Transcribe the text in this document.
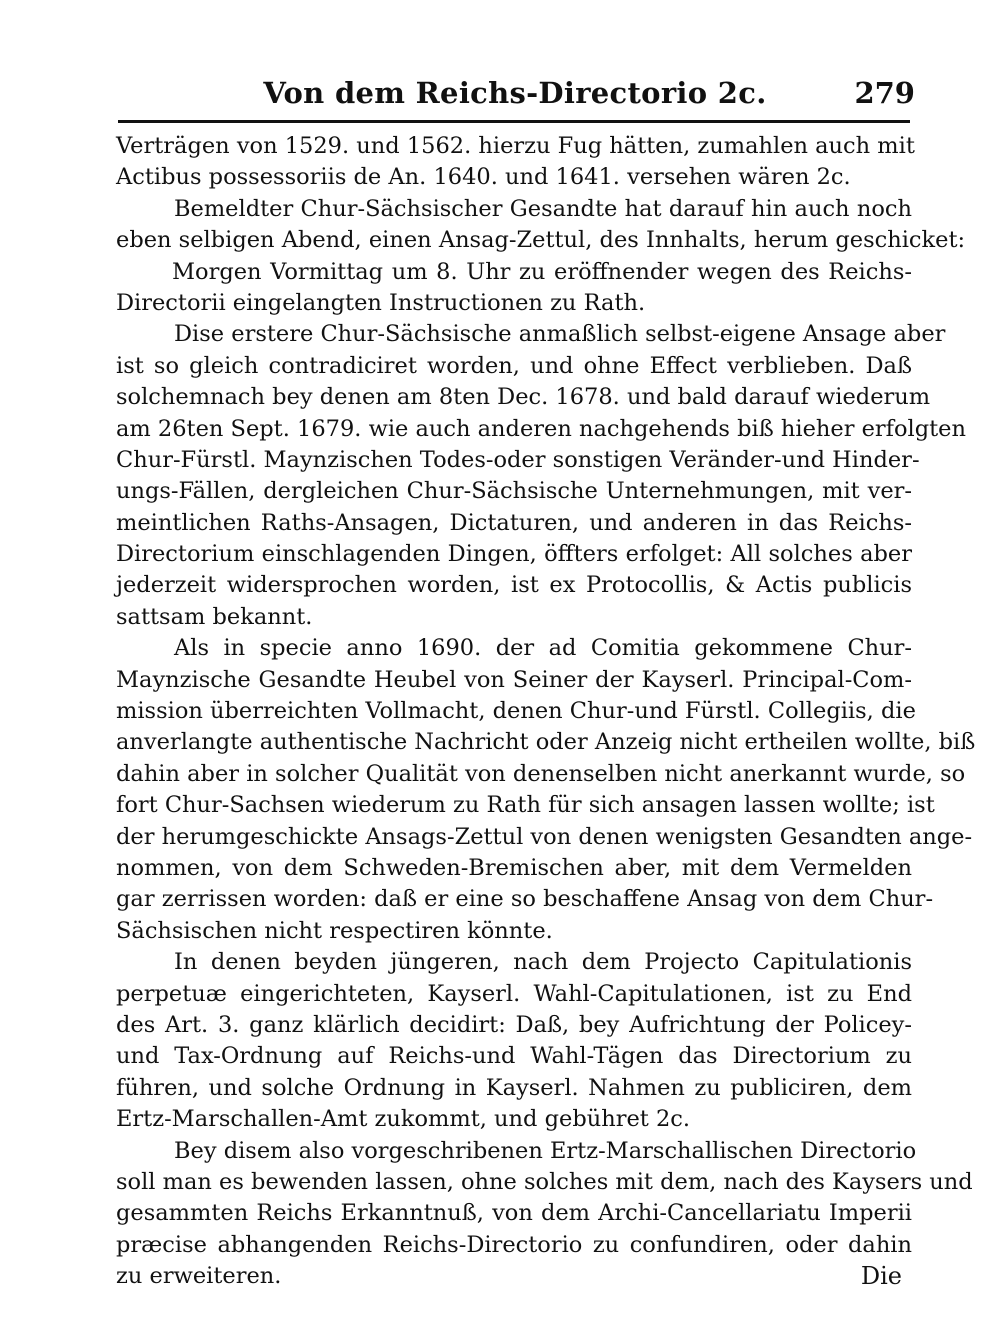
Von dem Reichs-Directorio 2c.	279
Verträgen von 1529. und 1562. hierzu Fug hätten, zumahlen auch mit
Actibus possessoriis de An. 1640. und 1641. versehen wären 2c.
Bemeldter Chur-Sächsischer Gesandte hat darauf hin auch noch
eben selbigen Abend, einen Ansag-Zettul, des Innhalts, herum geschicket:
Morgen Vormittag um 8. Uhr zu eröffnender wegen des Reichs-
Directorii eingelangten Instructionen zu Rath.
Dise erstere Chur-Sächsische anmaßlich selbst-eigene Ansage aber
ist so gleich contradiciret worden, und ohne Effect verblieben. Daß
solchemnach bey denen am 8ten Dec. 1678. und bald darauf wiederum
am 26ten Sept. 1679. wie auch anderen nachgehends biß hieher erfolgten
Chur-Fürstl. Maynzischen Todes-oder sonstigen Veränder-und Hinder-
ungs-Fällen, dergleichen Chur-Sächsische Unternehmungen, mit ver-
meintlichen Raths-Ansagen, Dictaturen, und anderen in das Reichs-
Directorium einschlagenden Dingen, öffters erfolget: All solches aber
jederzeit widersprochen worden, ist ex Protocollis, & Actis publicis
sattsam bekannt.
Als in specie anno 1690. der ad Comitia gekommene Chur-
Maynzische Gesandte Heubel von Seiner der Kayserl. Principal-Com-
mission überreichten Vollmacht, denen Chur-und Fürstl. Collegiis, die
anverlangte authentische Nachricht oder Anzeig nicht ertheilen wollte, biß
dahin aber in solcher Qualität von denenselben nicht anerkannt wurde, so
fort Chur-Sachsen wiederum zu Rath für sich ansagen lassen wollte; ist
der herumgeschickte Ansags-Zettul von denen wenigsten Gesandten ange-
nommen, von dem Schweden-Bremischen aber, mit dem Vermelden
gar zerrissen worden: daß er eine so beschaffene Ansag von dem Chur-
Sächsischen nicht respectiren könnte.
In denen beyden jüngeren, nach dem Projecto Capitulationis
perpetuæ eingerichteten, Kayserl. Wahl-Capitulationen, ist zu End
des Art. 3. ganz klärlich decidirt: Daß, bey Aufrichtung der Policey-
und Tax-Ordnung auf Reichs-und Wahl-Tägen das Directorium zu
führen, und solche Ordnung in Kayserl. Nahmen zu publiciren, dem
Ertz-Marschallen-Amt zukommt, und gebühret 2c.
Bey disem also vorgeschribenen Ertz-Marschallischen Directorio
soll man es bewenden lassen, ohne solches mit dem, nach des Kaysers und
gesammten Reichs Erkanntnuß, von dem Archi-Cancellariatu Imperii
præcise abhangenden Reichs-Directorio zu confundiren, oder dahin
zu erweiteren.	Die
